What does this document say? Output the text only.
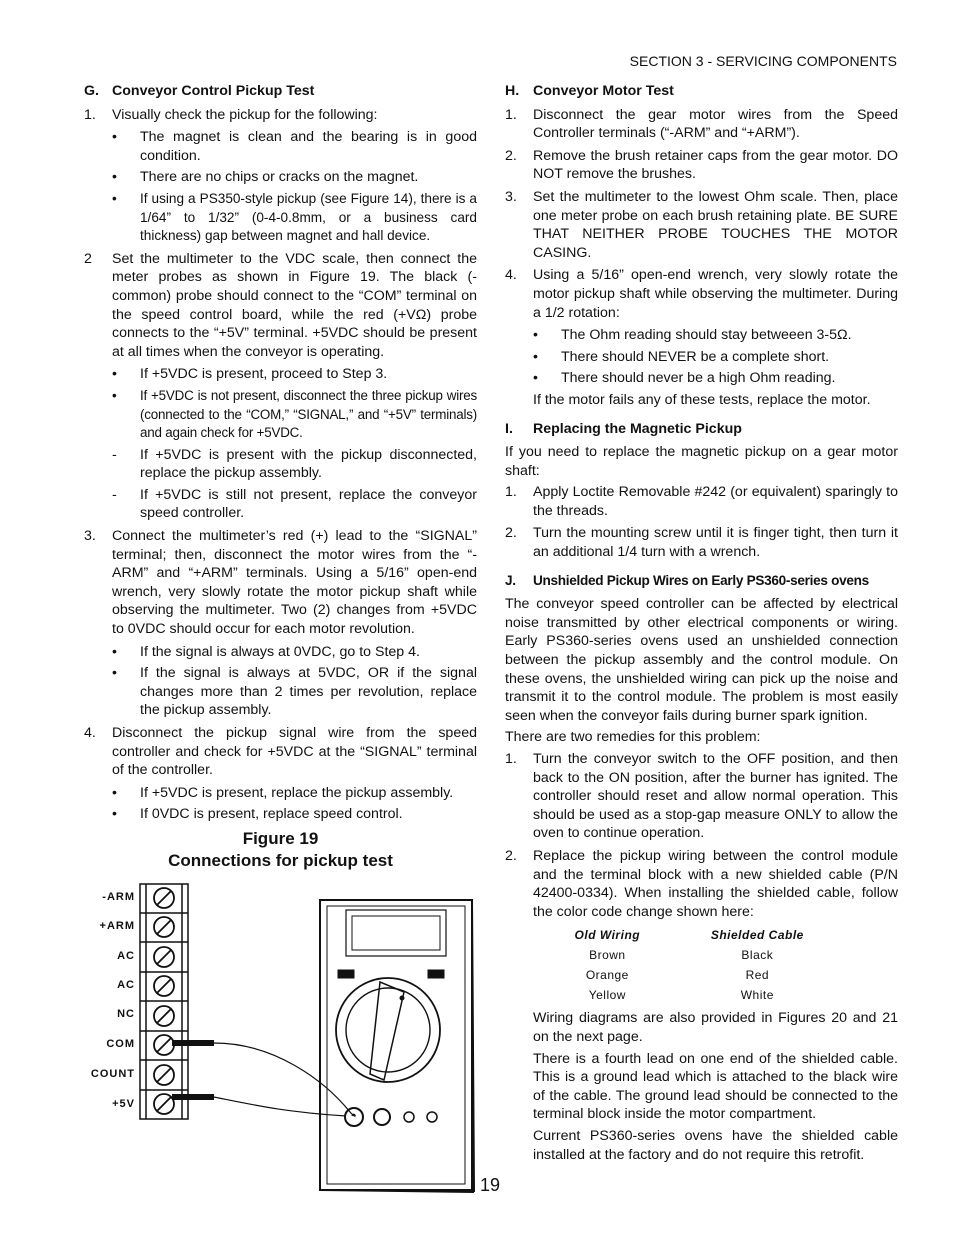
SECTION 3 - SERVICING COMPONENTS
G. Conveyor Control Pickup Test
1.	Visually check the pickup for the following:
•	The magnet is clean and the bearing is in good condition.
•	There are no chips or cracks on the magnet.
•	If using a PS350-style pickup (see Figure 14), there is a 1/64” to 1/32” (0-4-0.8mm, or a business card thickness) gap between magnet and hall device.
2	Set the multimeter to the VDC scale, then connect the meter probes as shown in Figure 19. The black (-common) probe should connect to the “COM” terminal on the speed control board, while the red (+VΩ) probe connects to the “+5V” terminal. +5VDC should be present at all times when the conveyor is operating.
•	If +5VDC is present, proceed to Step 3.
•	If +5VDC is not present, disconnect the three pickup wires (connected to the “COM,” “SIGNAL,” and “+5V” terminals) and again check for +5VDC.
-	If +5VDC is present with the pickup disconnected, replace the pickup assembly.
-	If +5VDC is still not present, replace the conveyor speed controller.
3.	Connect the multimeter’s red (+) lead to the “SIGNAL” terminal; then, disconnect the motor wires from the “-ARM” and “+ARM” terminals. Using a 5/16” open-end wrench, very slowly rotate the motor pickup shaft while observing the multimeter. Two (2) changes from +5VDC to 0VDC should occur for each motor revolution.
•	If the signal is always at 0VDC, go to Step 4.
•	If the signal is always at 5VDC, OR if the signal changes more than 2 times per revolution, replace the pickup assembly.
4.	Disconnect the pickup signal wire from the speed controller and check for +5VDC at the “SIGNAL” terminal of the controller.
•	If +5VDC is present, replace the pickup assembly.
•	If 0VDC is present, replace speed control.
Figure 19
Connections for pickup test
-ARM
+ARM
AC
AC
NC
COM
COUNT
+5V
H. Conveyor Motor Test
1.	Disconnect the gear motor wires from the Speed Controller terminals (“-ARM” and “+ARM”).
2.	Remove the brush retainer caps from the gear motor. DO NOT remove the brushes.
3.	Set the multimeter to the lowest Ohm scale. Then, place one meter probe on each brush retaining plate. BE SURE THAT NEITHER PROBE TOUCHES THE MOTOR CASING.
4.	Using a 5/16” open-end wrench, very slowly rotate the motor pickup shaft while observing the multimeter. During a 1/2 rotation:
•	The Ohm reading should stay betweeen 3-5Ω.
•	There should NEVER be a complete short.
•	There should never be a high Ohm reading.

If the motor fails any of these tests, replace the motor.

I.	Replacing the Magnetic Pickup

If you need to replace the magnetic pickup on a gear motor shaft:

1.	Apply Loctite Removable #242 (or equivalent) sparingly to the threads.
2.	Turn the mounting screw until it is finger tight, then turn it an additional 1/4 turn with a wrench.
J.	Unshielded Pickup Wires on Early PS360-series ovens

The conveyor speed controller can be affected by electrical noise transmitted by other electrical components or wiring. Early PS360-series ovens used an unshielded connection between the pickup assembly and the control module. On these ovens, the unshielded wiring can pick up the noise and transmit it to the control module. The problem is most easily seen when the conveyor fails during burner spark ignition.

There are two remedies for this problem:

1.	Turn the conveyor switch to the OFF position, and then back to the ON position, after the burner has ignited. The controller should reset and allow normal operation. This should be used as a stop-gap measure ONLY to allow the oven to continue operation.
2.	Replace the pickup wiring between the control module and the terminal block with a new shielded cable (P/N 42400-0334). When installing the shielded cable, follow the color code change shown here:
Old Wiring	Shielded Cable
Brown	Black
Orange	Red
Yellow	White

Wiring diagrams are also provided in Figures 20 and 21 on the next page.

There is a fourth lead on one end of the shielded cable. This is a ground lead which is attached to the black wire of the cable. The ground lead should be connected to the terminal block inside the motor compartment.

Current PS360-series ovens have the shielded cable installed at the factory and do not require this retrofit.

19
